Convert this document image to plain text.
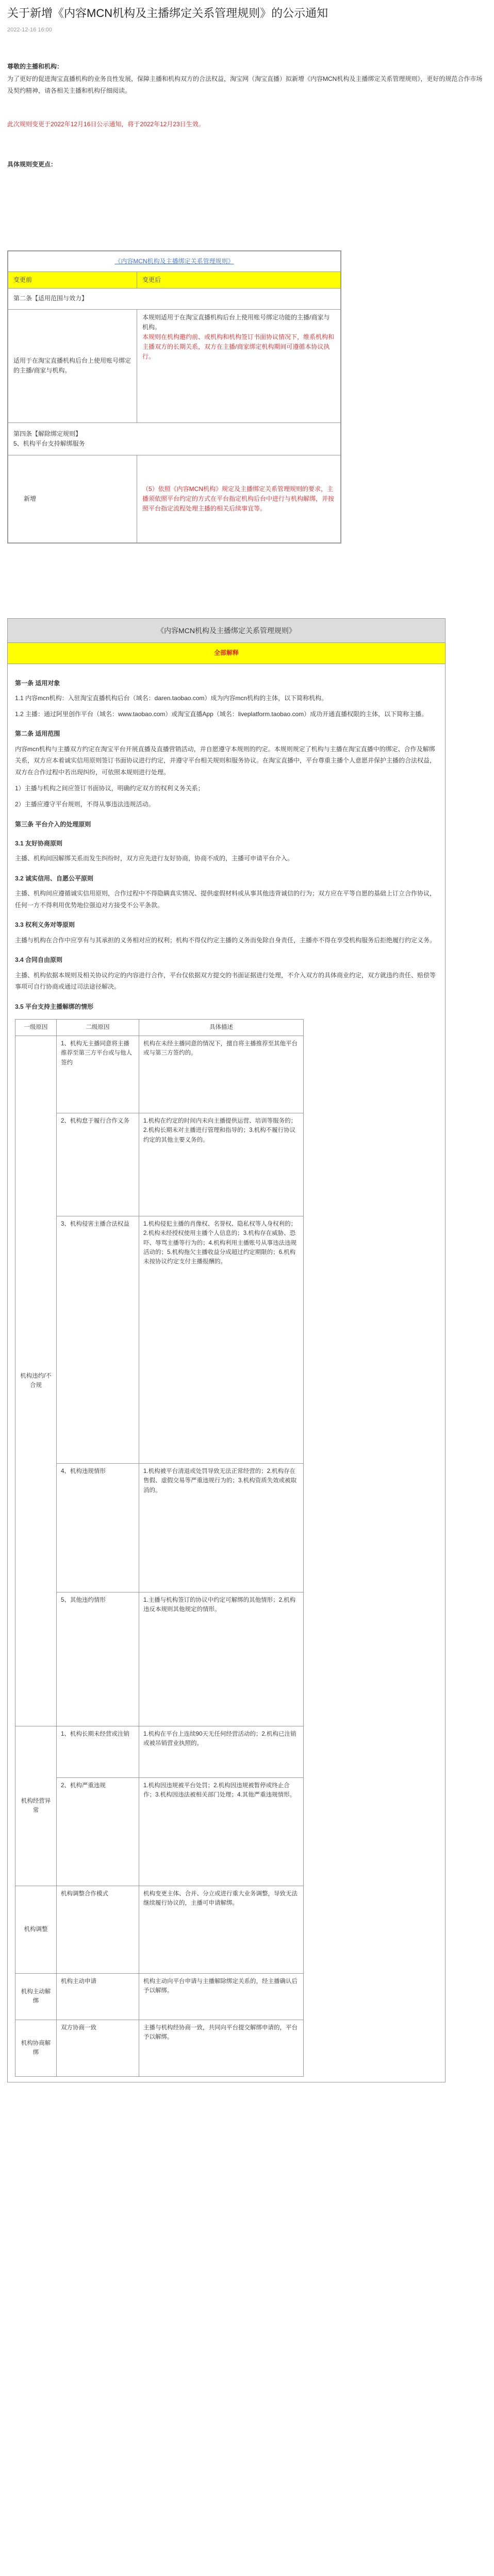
关于新增《内容MCN机构及主播绑定关系管理规则》的公示通知
2022-12-16 16:00
尊敬的主播和机构：
为了更好的促进淘宝直播机构的业务良性发展，保障主播和机构双方的合法权益，淘宝网（淘宝直播）拟新增《内容MCN机构及主播绑定关系管理规则》，更好的规范合作市场及契约精神，请各相关主播和机构仔细阅读。
此次规则变更于2022年12月16日公示通知，将于2022年12月23日生效。
具体规则变更点：
《内容MCN机构及主播绑定关系管理规则》	
变更前	变更后
第二条【适用范围与效力】	
适用于在淘宝直播机构后台上使用账号绑定的主播/商家与机构。	本规则适用于在淘宝直播机构后台上使用账号绑定功能的主播/商家与机构。
本规则在机构邀约前、或机构和机构签订书面协议情况下，维系机构和主播双方的长期关系，双方在主播/商家绑定机构期间可遵循本协议执行。

第四条【解除绑定规则】
5、机构平台支持解绑服务	

新增	（5）依照《内容MCN机构》规定及主播绑定关系管理规则的要求，主播须依照平台约定的方式在平台指定机构后台中进行与机构解绑，并按照平台指定流程处理主播的相关后续事宜等。
《内容MCN机构及主播绑定关系管理规则》
全部解释
第一条 适用对象

1.1 内容mcn机构：入驻淘宝直播机构后台（域名：daren.taobao.com）成为内容mcn机构的主体，以下简称机构。

1.2 主播：通过阿里创作平台（域名：www.taobao.com）或淘宝直播App（域名：liveplatform.taobao.com）成功开通直播权限的主体，以下简称主播。

第二条 适用范围

内容mcn机构与主播双方约定在淘宝平台开展直播及直播营销活动，并自愿遵守本规则的约定。本规则规定了机构与主播在淘宝直播中的绑定、合作及解绑关系，双方应本着诚实信用原则签订书面协议进行约定，并遵守平台相关规则和服务协议。在淘宝直播中，平台尊重主播个人意愿并保护主播的合法权益，双方在合作过程中若出现纠纷，可依照本规则进行处理。

1）主播与机构之间应签订书面协议，明确约定双方的权利义务关系；

2）主播应遵守平台规则，不得从事违法违规活动。

第三条 平台介入的处理原则
3.1 友好协商原则

主播、机构间因解绑关系而发生纠纷时，双方应先进行友好协商，协商不成的，主播可申请平台介入。

3.2 诚实信用、自愿公平原则

主播、机构间应遵循诚实信用原则，合作过程中不得隐瞒真实情况、提供虚假材料或从事其他违背诚信的行为；双方应在平等自愿的基础上订立合作协议，任何一方不得利用优势地位强迫对方接受不公平条款。

3.3 权利义务对等原则

主播与机构在合作中应享有与其承担的义务相对应的权利；机构不得仅约定主播的义务而免除自身责任，主播亦不得在享受机构服务后拒绝履行约定义务。

3.4 合同自由原则

主播、机构依据本规则及相关协议约定的内容进行合作，平台仅依据双方提交的书面证据进行处理，不介入双方的具体商业约定，双方就违约责任、赔偿等事项可自行协商或通过司法途径解决。

3.5 平台支持主播解绑的情形
一级原因	二级原因	具体描述
机构违约/不合规	1、机构无主播同意将主播推荐至第三方平台或与他人签约	机构在未经主播同意的情况下，擅自将主播推荐至其他平台或与第三方签约的。
	2、机构怠于履行合作义务	1.机构在约定的时间内未向主播提供运营、培训等服务的；2.机构长期未对主播进行管理和指导的；3.机构不履行协议约定的其他主要义务的。
	3、机构侵害主播合法权益	1.机构侵犯主播的肖像权、名誉权、隐私权等人身权利的；2.机构未经授权使用主播个人信息的；3.机构存在威胁、恐吓、辱骂主播等行为的；4.机构利用主播账号从事违法违规活动的；5.机构拖欠主播收益分成超过约定期限的；6.机构未按协议约定支付主播报酬的。
	4、机构违规情形	1.机构被平台清退或处罚导致无法正常经营的；2.机构存在售假、虚假交易等严重违规行为的；3.机构资质失效或被取消的。
	5、其他违约情形	1.主播与机构签订的协议中约定可解绑的其他情形；2.机构违反本规则其他规定的情形。
机构经营异常	1、机构长期未经营或注销	1.机构在平台上连续90天无任何经营活动的；2.机构已注销或被吊销营业执照的。
	2、机构严重违规	1.机构因违规被平台处罚；2.机构因违规被暂停或终止合作；3.机构因违法被相关部门处理；4.其他严重违规情形。
机构调整	机构调整合作模式	机构变更主体、合并、分立或进行重大业务调整，导致无法继续履行协议的，主播可申请解绑。
机构主动解绑	机构主动申请	机构主动向平台申请与主播解除绑定关系的，经主播确认后予以解绑。
机构协商解绑	双方协商一致	主播与机构经协商一致，共同向平台提交解绑申请的，平台予以解绑。
